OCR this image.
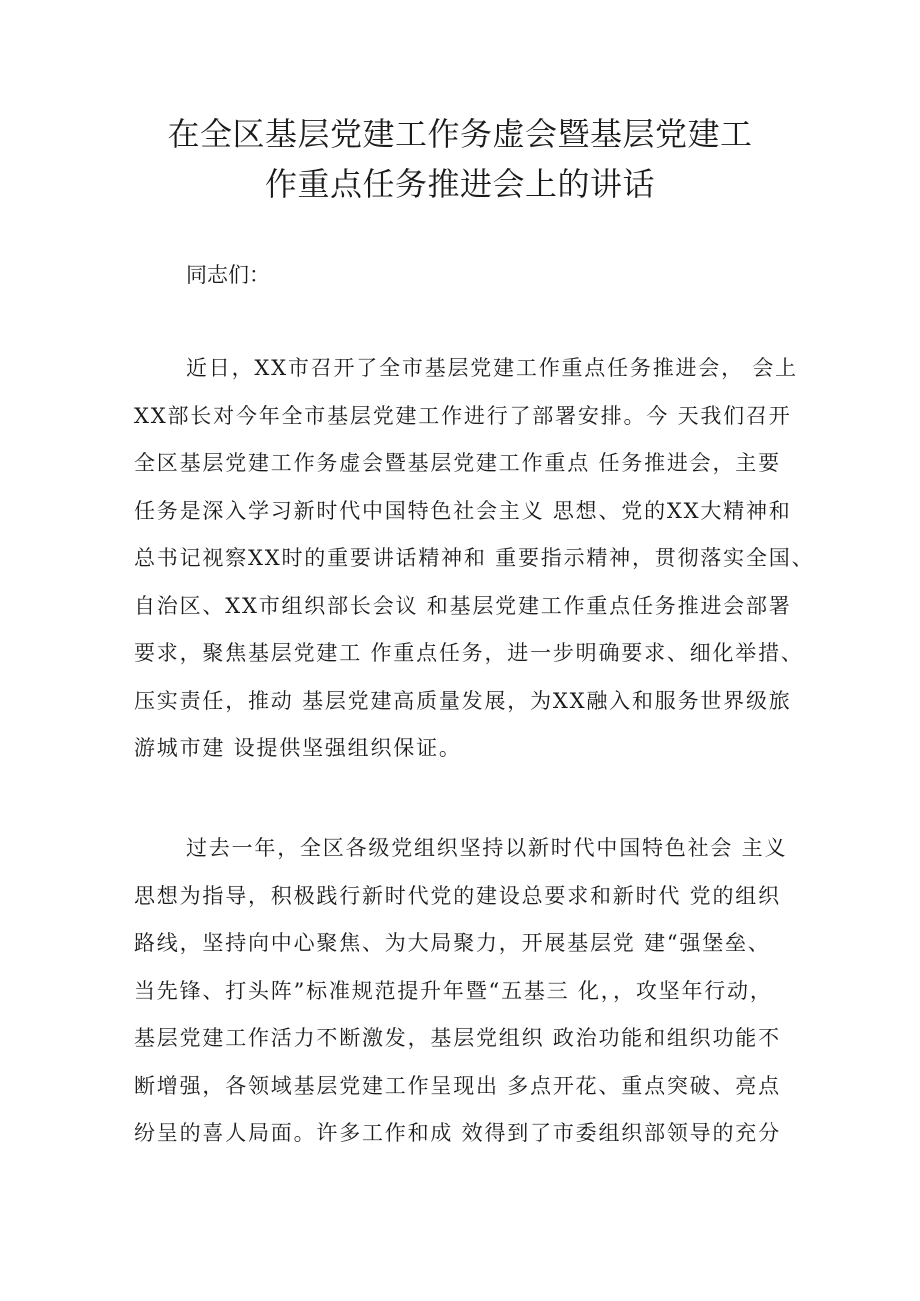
在全区基层党建工作务虚会暨基层党建工
作重点任务推进会上的讲话
同志们：
近日，XX市召开了全市基层党建工作重点任务推进会， 会上
XX部长对今年全市基层党建工作进行了部署安排。今 天我们召开
全区基层党建工作务虚会暨基层党建工作重点 任务推进会，主要
任务是深入学习新时代中国特色社会主义 思想、党的XX大精神和
总书记视察XX时的重要讲话精神和 重要指示精神，贯彻落实全国、
自治区、XX市组织部长会议 和基层党建工作重点任务推进会部署
要求，聚焦基层党建工 作重点任务，进一步明确要求、细化举措、
压实责任，推动 基层党建高质量发展，为XX融入和服务世界级旅
游城市建 设提供坚强组织保证。
过去一年，全区各级党组织坚持以新时代中国特色社会 主义
思想为指导，积极践行新时代党的建设总要求和新时代 党的组织
路线，坚持向中心聚焦、为大局聚力，开展基层党 建“强堡垒、
当先锋、打头阵”标准规范提升年暨“五基三 化，，攻坚年行动，
基层党建工作活力不断激发，基层党组织 政治功能和组织功能不
断增强，各领域基层党建工作呈现出 多点开花、重点突破、亮点
纷呈的喜人局面。许多工作和成 效得到了市委组织部领导的充分
